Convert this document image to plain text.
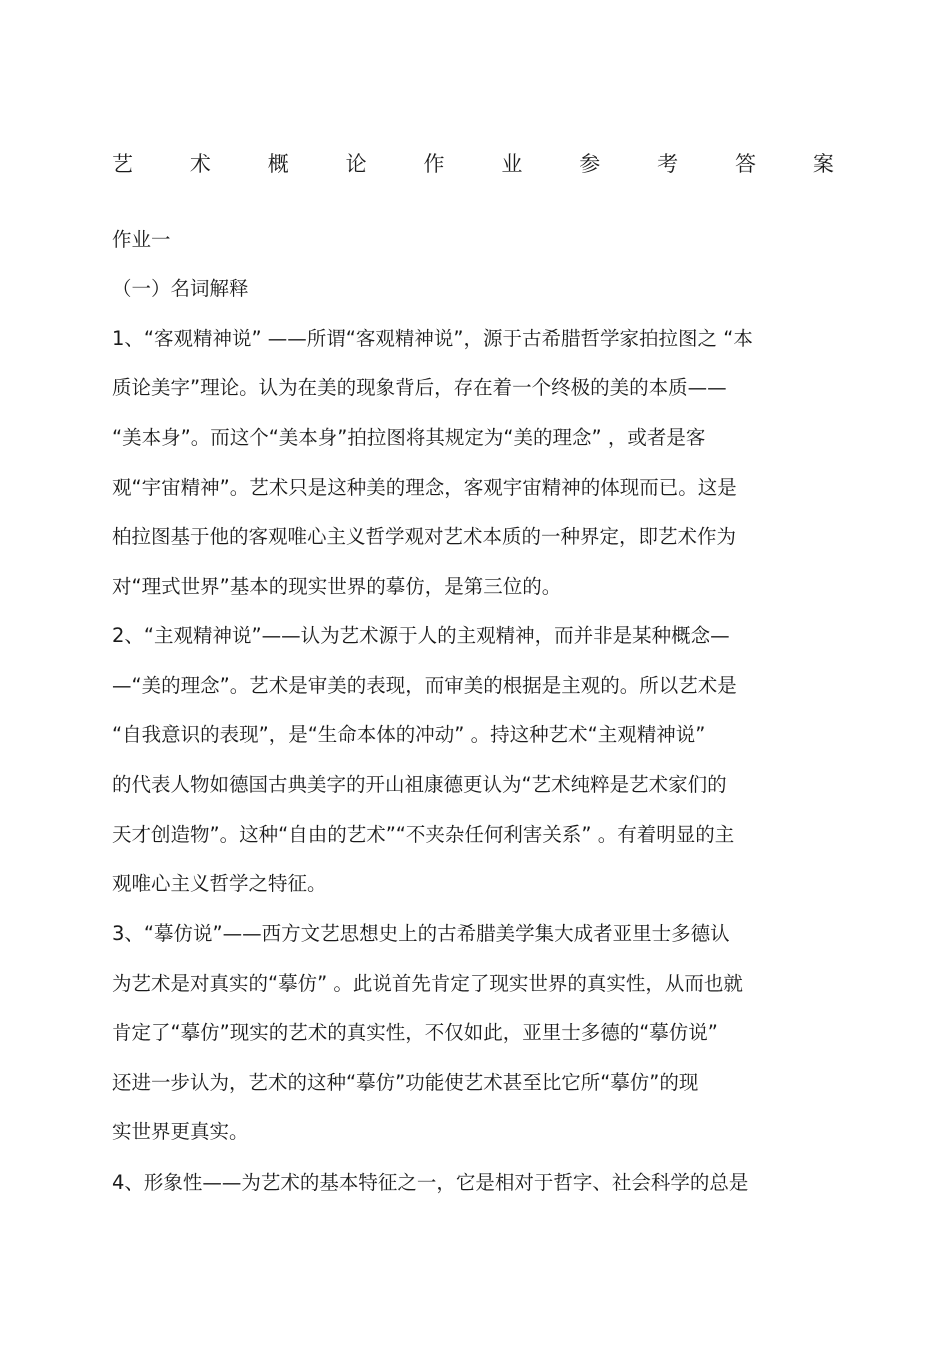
艺	术	概	论	作	业	参	考	答	案
作业一
（一）名词解释
1、“客观精神说” ——所谓“客观精神说”，源于古希腊哲学家拍拉图之 “本
质论美字”理论。认为在美的现象背后，存在着一个终极的美的本质——
“美本身”。而这个“美本身”拍拉图将其规定为“美的理念” ，或者是客
观“宇宙精神”。艺术只是这种美的理念，客观宇宙精神的体现而已。这是
柏拉图基于他的客观唯心主义哲学观对艺术本质的一种界定，即艺术作为
对“理式世界”基本的现实世界的摹仿，是第三位的。
2、“主观精神说”——认为艺术源于人的主观精神，而并非是某种概念—
—“美的理念”。艺术是审美的表现，而审美的根据是主观的。所以艺术是
“自我意识的表现”，是“生命本体的冲动” 。持这种艺术“主观精神说”
的代表人物如德国古典美字的开山祖康德更认为“艺术纯粹是艺术家们的
天才创造物”。这种“自由的艺术”“不夹杂任何利害关系” 。有着明显的主
观唯心主义哲学之特征。
3、“摹仿说”——西方文艺思想史上的古希腊美学集大成者亚里士多德认
为艺术是对真实的“摹仿” 。此说首先肯定了现实世界的真实性，从而也就
肯定了“摹仿”现实的艺术的真实性，不仅如此，亚里士多德的“摹仿说”
还进一步认为，艺术的这种“摹仿”功能使艺术甚至比它所“摹仿”的现
实世界更真实。
4、形象性——为艺术的基本特征之一，它是相对于哲字、社会科学的总是
